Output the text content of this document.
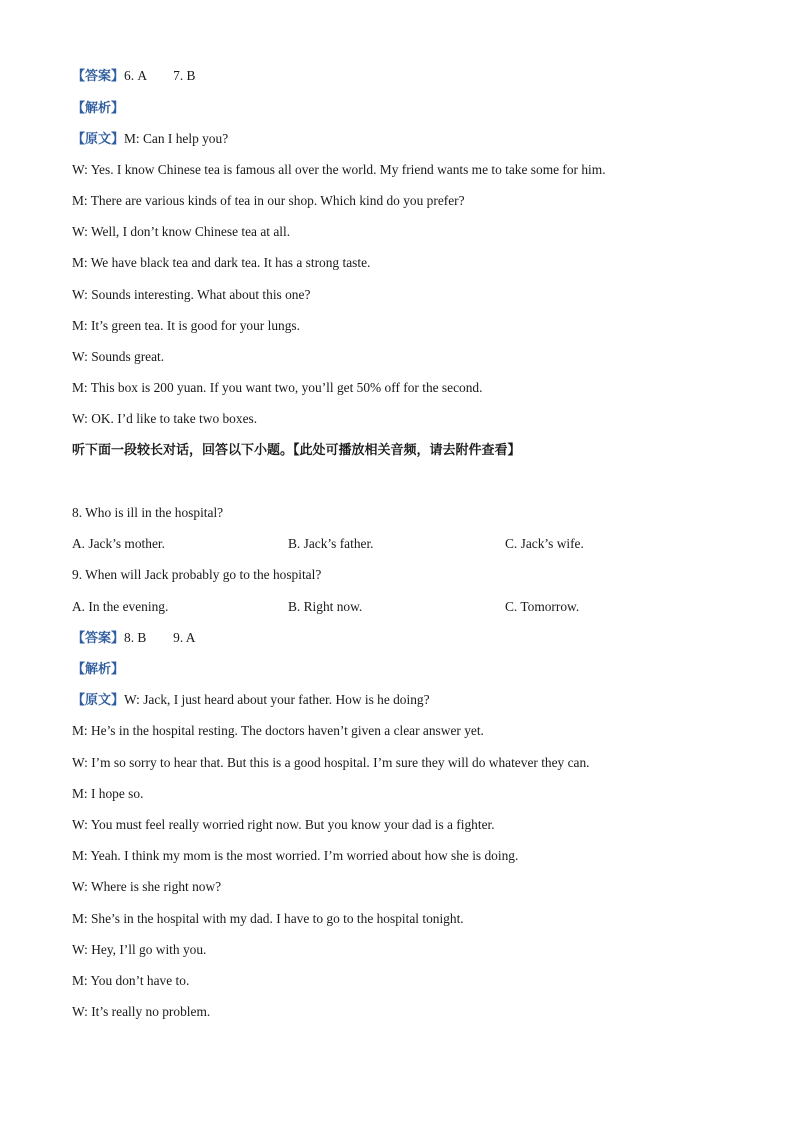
【答案】6. A        7. B
【解析】
【原文】M: Can I help you?
W: Yes. I know Chinese tea is famous all over the world. My friend wants me to take some for him.
M: There are various kinds of tea in our shop. Which kind do you prefer?
W: Well, I don’t know Chinese tea at all.
M: We have black tea and dark tea. It has a strong taste.
W: Sounds interesting. What about this one?
M: It’s green tea. It is good for your lungs.
W: Sounds great.
M: This box is 200 yuan. If you want two, you’ll get 50% off for the second.
W: OK. I’d like to take two boxes.
听下面一段较长对话，回答以下小题。【此处可播放相关音频，请去附件查看】
8. Who is ill in the hospital?
A. Jack’s mother.	B. Jack’s father.	C. Jack’s wife.
9. When will Jack probably go to the hospital?
A. In the evening.	B. Right now.	C. Tomorrow.
【答案】8. B        9. A
【解析】
【原文】W: Jack, I just heard about your father. How is he doing?
M: He’s in the hospital resting. The doctors haven’t given a clear answer yet.
W: I’m so sorry to hear that. But this is a good hospital. I’m sure they will do whatever they can.
M: I hope so.
W: You must feel really worried right now. But you know your dad is a fighter.
M: Yeah. I think my mom is the most worried. I’m worried about how she is doing.
W: Where is she right now?
M: She’s in the hospital with my dad. I have to go to the hospital tonight.
W: Hey, I’ll go with you.
M: You don’t have to.
W: It’s really no problem.
